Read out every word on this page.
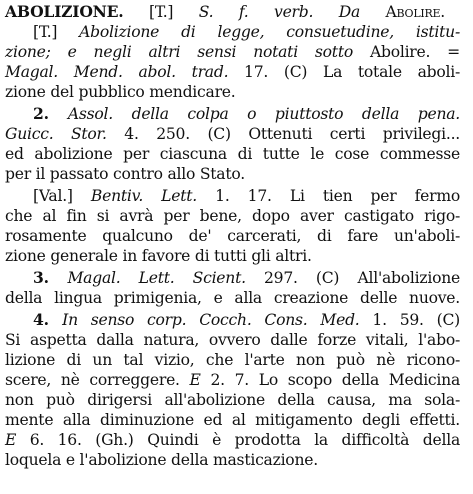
ABOLIZIONE. [T.] S. f. verb. Da Abolire.
[T.] Abolizione di legge, consuetudine, istitu-
zione; e negli altri sensi notati sotto Abolire. =
Magal. Mend. abol. trad. 17. (C) La totale aboli-
zione del pubblico mendicare.
2. Assol. della colpa o piuttosto della pena.
Guicc. Stor. 4. 250. (C) Ottenuti certi privilegi...
ed abolizione per ciascuna di tutte le cose commesse
per il passato contro allo Stato.
[Val.] Bentiv. Lett. 1. 17. Li tien per fermo
che al fin si avrà per bene, dopo aver castigato rigo-
rosamente qualcuno de' carcerati, di fare un'aboli-
zione generale in favore di tutti gli altri.
3. Magal. Lett. Scient. 297. (C) All'abolizione
della lingua primigenia, e alla creazione delle nuove.
4. In senso corp. Cocch. Cons. Med. 1. 59. (C)
Si aspetta dalla natura, ovvero dalle forze vitali, l'abo-
lizione di un tal vizio, che l'arte non può nè ricono-
scere, nè correggere. E 2. 7. Lo scopo della Medicina
non può dirigersi all'abolizione della causa, ma sola-
mente alla diminuzione ed al mitigamento degli effetti.
E 6. 16. (Gh.) Quindi è prodotta la difficoltà della
loquela e l'abolizione della masticazione.
